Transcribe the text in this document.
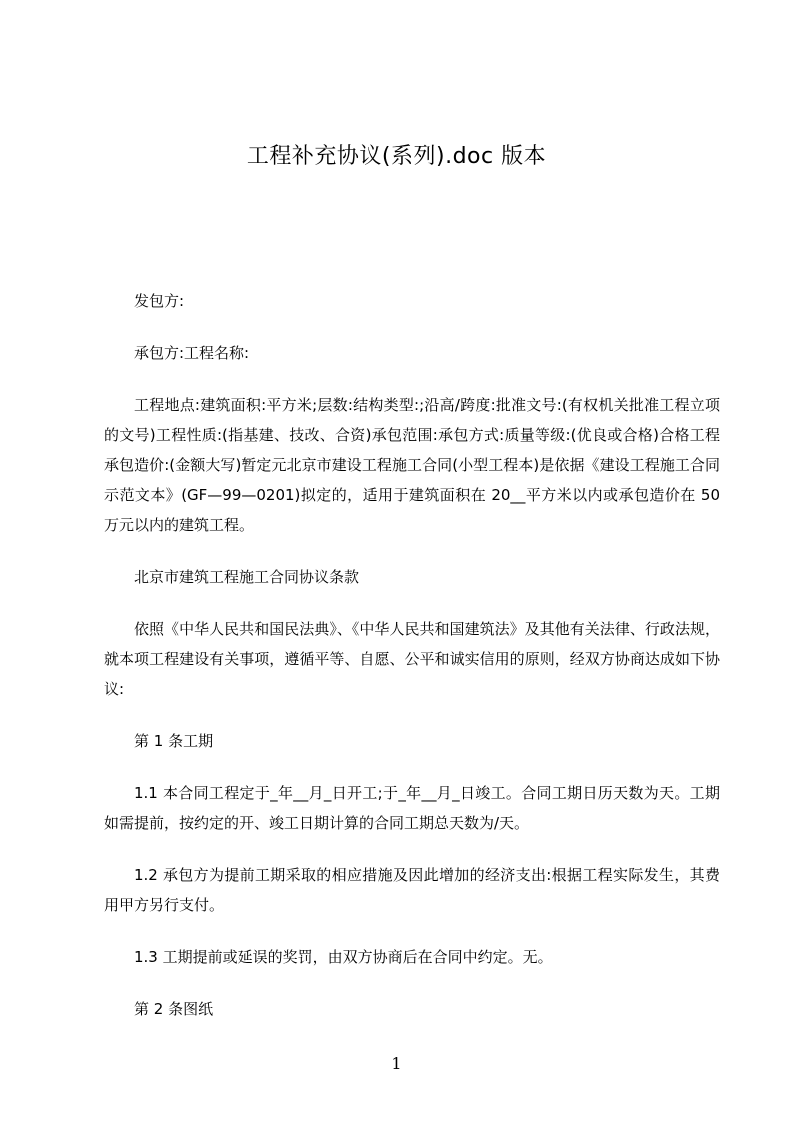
工程补充协议(系列).doc 版本

发包方:

承包方:工程名称:

工程地点:建筑面积:平方米;层数:结构类型:;沿高/跨度:批准文号:(有权机关批准工程立项的文号)工程性质:(指基建、技改、合资)承包范围:承包方式:质量等级:(优良或合格)合格工程承包造价:(金额大写)暂定元北京市建设工程施工合同(小型工程本)是依据《建设工程施工合同示范文本》(GF—99—0201)拟定的，适用于建筑面积在 20__平方米以内或承包造价在 50 万元以内的建筑工程。

北京市建筑工程施工合同协议条款

依照《中华人民共和国民法典》、《中华人民共和国建筑法》及其他有关法律、行政法规，就本项工程建设有关事项，遵循平等、自愿、公平和诚实信用的原则，经双方协商达成如下协议:

第 1 条工期

1.1 本合同工程定于_年__月_日开工;于_年__月_日竣工。合同工期日历天数为天。工期如需提前，按约定的开、竣工日期计算的合同工期总天数为/天。

1.2 承包方为提前工期采取的相应措施及因此增加的经济支出:根据工程实际发生，其费用甲方另行支付。

1.3 工期提前或延误的奖罚，由双方协商后在合同中约定。无。

第 2 条图纸

1
